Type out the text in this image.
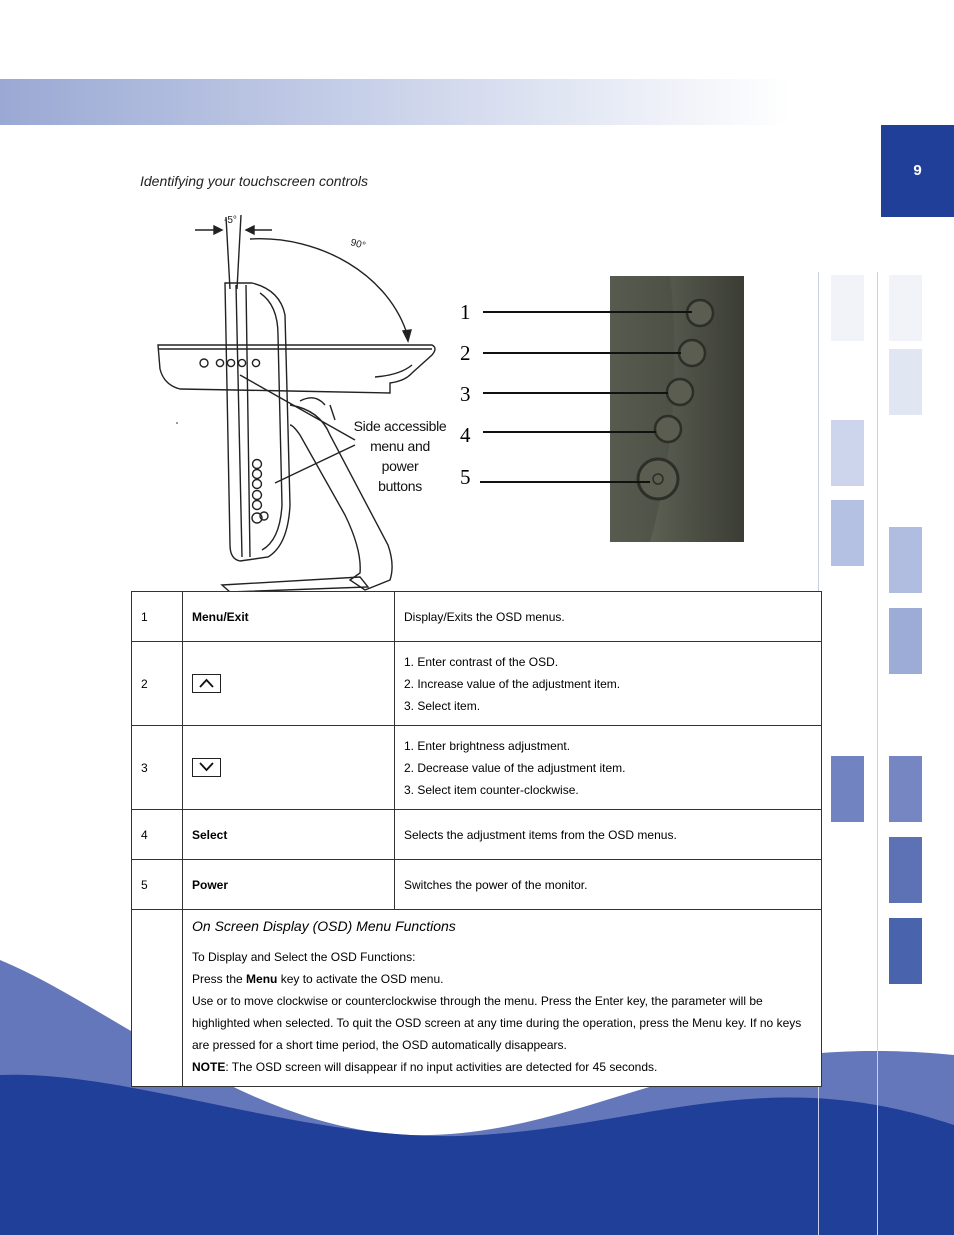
9
Identifying your touchscreen controls
-5°
90°
Side accessible
menu and power
buttons
1
2
3
4
5
1	Menu/Exit	Display/Exits the OSD menus.
2		1. Enter contrast of the OSD.
2. Increase value of the adjustment item.
3. Select item.

3		1. Enter brightness adjustment.
2. Decrease value of the adjustment item.
3. Select item counter-clockwise.

4	Select	Selects the adjustment items from the OSD menus.
5	Power	Switches the power of the monitor.

	On Screen Display (OSD) Menu Functions
To Display and Select the OSD Functions:
Press the Menu key to activate the OSD menu.
Use or to move clockwise or counterclockwise through the menu. Press the Enter key, the parameter will be highlighted when selected. To quit the OSD screen at any time during the operation, press the Menu key. If no keys are pressed for a short time period, the OSD automatically disappears.
NOTE: The OSD screen will disappear if no input activities are detected for 45 seconds.	
